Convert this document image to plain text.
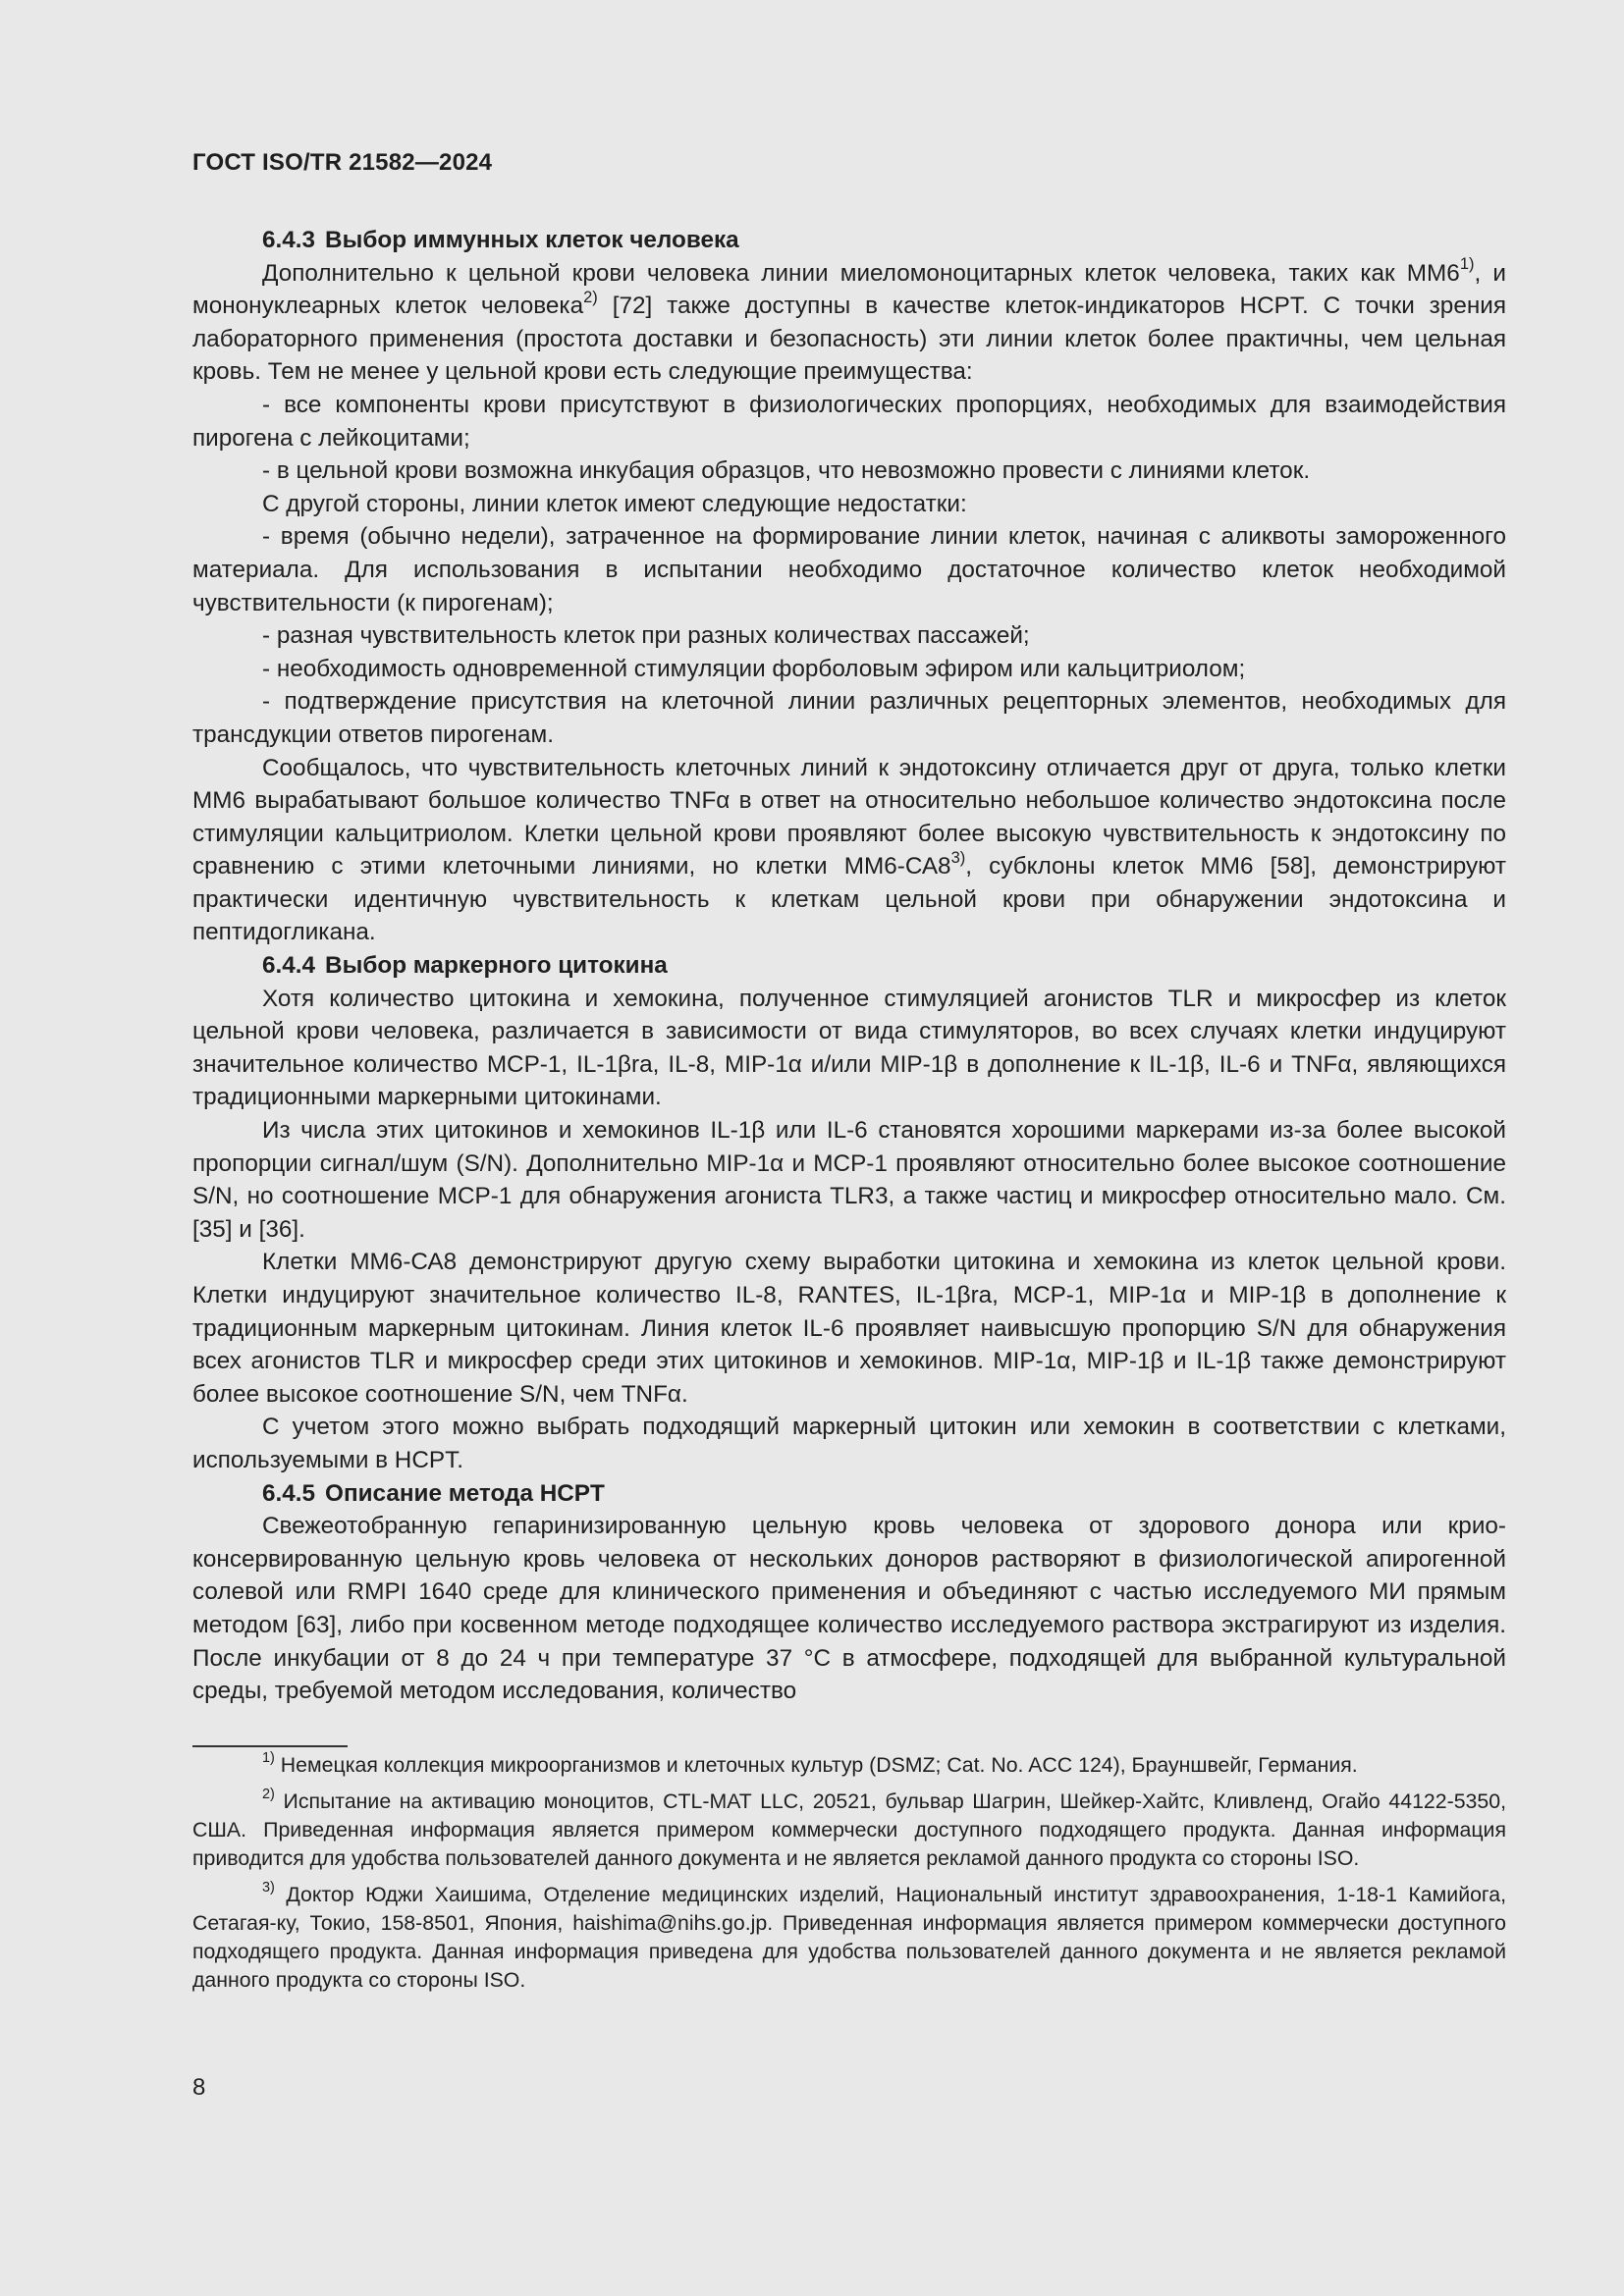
ГОСТ ISO/TR 21582—2024

6.4.3 Выбор иммунных клеток человека

Дополнительно к цельной крови человека линии миеломоноцитарных клеток человека, таких как ММ6$^{1)}$, и мононуклеарных клеток человека$^{2)}$ [72] также доступны в качестве клеток-индикаторов HCPT. С точки зрения лабораторного применения (простота доставки и безопасность) эти линии клеток более практичны, чем цельная кровь. Тем не менее у цельной крови есть следующие преимущества:

- все компоненты крови присутствуют в физиологических пропорциях, необходимых для взаимодействия пирогена с лейкоцитами;

- в цельной крови возможна инкубация образцов, что невозможно провести с линиями клеток.

С другой стороны, линии клеток имеют следующие недостатки:

- время (обычно недели), затраченное на формирование линии клеток, начиная с аликвоты замороженного материала. Для использования в испытании необходимо достаточное количество клеток необходимой чувствительности (к пирогенам);

- разная чувствительность клеток при разных количествах пассажей;

- необходимость одновременной стимуляции форболовым эфиром или кальцитриолом;

- подтверждение присутствия на клеточной линии различных рецепторных элементов, необходимых для трансдукции ответов пирогенам.

Сообщалось, что чувствительность клеточных линий к эндотоксину отличается друг от друга, только клетки ММ6 вырабатывают большое количество TNFα в ответ на относительно небольшое количество эндотоксина после стимуляции кальцитриолом. Клетки цельной крови проявляют более высокую чувствительность к эндотоксину по сравнению с этими клеточными линиями, но клетки ММ6-СА8$^{3)}$, субклоны клеток ММ6 [58], демонстрируют практически идентичную чувствительность к клеткам цельной крови при обнаружении эндотоксина и пептидогликана.

6.4.4 Выбор маркерного цитокина

Хотя количество цитокина и хемокина, полученное стимуляцией агонистов TLR и микросфер из клеток цельной крови человека, различается в зависимости от вида стимуляторов, во всех случаях клетки индуцируют значительное количество MCP-1, IL-1βra, IL-8, MIP-1α и/или MIP-1β в дополнение к IL-1β, IL-6 и TNFα, являющихся традиционными маркерными цитокинами.

Из числа этих цитокинов и хемокинов IL-1β или IL-6 становятся хорошими маркерами из-за более высокой пропорции сигнал/шум (S/N). Дополнительно MIP-1α и MCP-1 проявляют относительно более высокое соотношение S/N, но соотношение MCP-1 для обнаружения агониста TLR3, а также частиц и микросфер относительно мало. См. [35] и [36].

Клетки ММ6-СА8 демонстрируют другую схему выработки цитокина и хемокина из клеток цельной крови. Клетки индуцируют значительное количество IL-8, RANTES, IL-1βra, MCP-1, MIP-1α и MIP-1β в дополнение к традиционным маркерным цитокинам. Линия клеток IL-6 проявляет наивысшую пропорцию S/N для обнаружения всех агонистов TLR и микросфер среди этих цитокинов и хемокинов. MIP-1α, MIP-1β и IL-1β также демонстрируют более высокое соотношение S/N, чем TNFα.

С учетом этого можно выбрать подходящий маркерный цитокин или хемокин в соответствии с клетками, используемыми в HCPT.

6.4.5 Описание метода HCPT

Свежеотобранную гепаринизированную цельную кровь человека от здорового донора или криоконсервированную цельную кровь человека от нескольких доноров растворяют в физиологической апирогенной солевой или RMPI 1640 среде для клинического применения и объединяют с частью исследуемого МИ прямым методом [63], либо при косвенном методе подходящее количество исследуемого раствора экстрагируют из изделия. После инкубации от 8 до 24 ч при температуре 37 °С в атмосфере, подходящей для выбранной культуральной среды, требуемой методом исследования, количество

$^{1)}$ Немецкая коллекция микроорганизмов и клеточных культур (DSMZ; Cat. No. ACC 124), Брауншвейг, Германия.

$^{2)}$ Испытание на активацию моноцитов, CTL-MAT LLC, 20521, бульвар Шагрин, Шейкер-Хайтс, Кливленд, Огайо 44122-5350, США. Приведенная информация является примером коммерчески доступного подходящего продукта. Данная информация приводится для удобства пользователей данного документа и не является рекламой данного продукта со стороны ISO.

$^{3)}$ Доктор Юджи Хаишима, Отделение медицинских изделий, Национальный институт здравоохранения, 1-18-1 Камийога, Сетагая-ку, Токио, 158-8501, Япония, haishima@nihs.go.jp. Приведенная информация является примером коммерчески доступного подходящего продукта. Данная информация приведена для удобства пользователей данного документа и не является рекламой данного продукта со стороны ISO.

8
